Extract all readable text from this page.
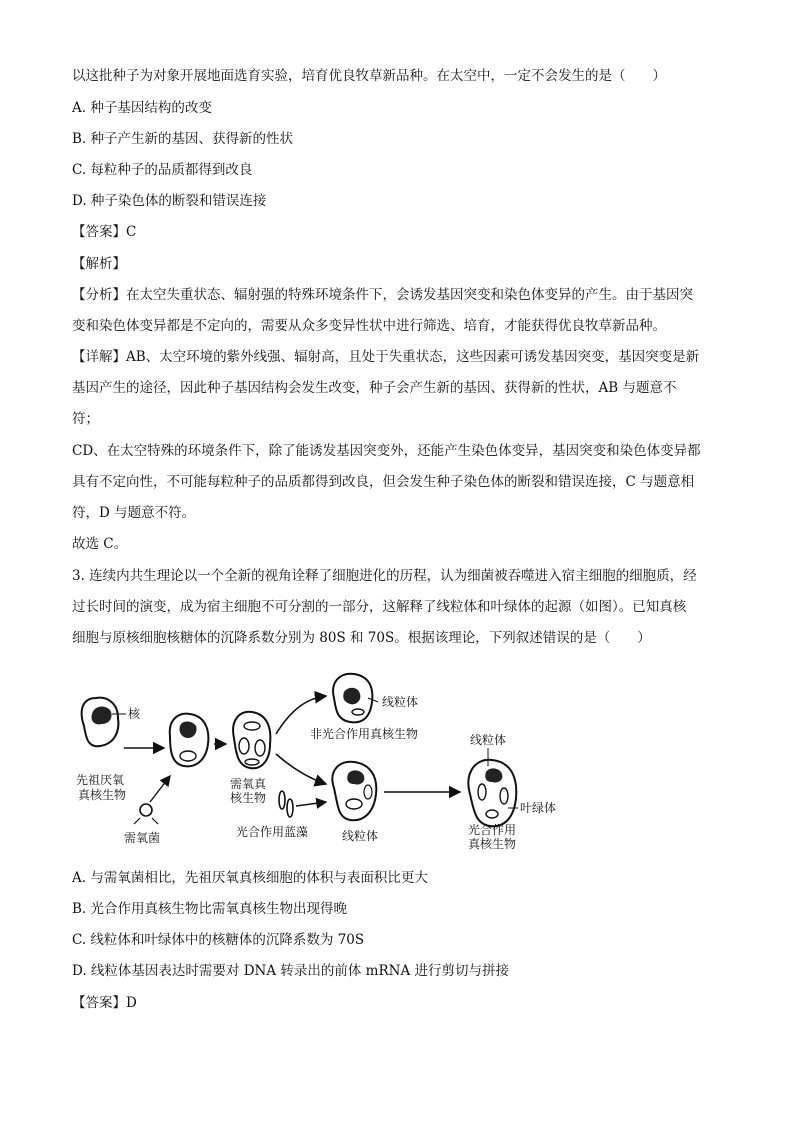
以这批种子为对象开展地面选育实验，培育优良牧草新品种。在太空中，一定不会发生的是（　　）
A. 种子基因结构的改变
B. 种子产生新的基因、获得新的性状
C. 每粒种子的品质都得到改良
D. 种子染色体的断裂和错误连接
【答案】C
【解析】
【分析】在太空失重状态、辐射强的特殊环境条件下，会诱发基因突变和染色体变异的产生。由于基因突
变和染色体变异都是不定向的，需要从众多变异性状中进行筛选、培育，才能获得优良牧草新品种。
【详解】AB、太空环境的紫外线强、辐射高，且处于失重状态，这些因素可诱发基因突变，基因突变是新
基因产生的途径，因此种子基因结构会发生改变，种子会产生新的基因、获得新的性状，AB 与题意不
符；
CD、在太空特殊的环境条件下，除了能诱发基因突变外，还能产生染色体变异，基因突变和染色体变异都
具有不定向性，不可能每粒种子的品质都得到改良，但会发生种子染色体的断裂和错误连接，C 与题意相
符，D 与题意不符。
故选 C。
3. 连续内共生理论以一个全新的视角诠释了细胞进化的历程，认为细菌被吞噬进入宿主细胞的细胞质，经
过长时间的演变，成为宿主细胞不可分割的一部分，这解释了线粒体和叶绿体的起源（如图）。已知真核
细胞与原核细胞核糖体的沉降系数分别为 80S 和 70S。根据该理论，下列叙述错误的是（　　）
核
先祖厌氧
真核生物
需氧菌
需氧真
核生物
线粒体
非光合作用真核生物
光合作用蓝藻	线粒体
线粒体
叶绿体
光合作用
真核生物
A. 与需氧菌相比，先祖厌氧真核细胞的体积与表面积比更大
B. 光合作用真核生物比需氧真核生物出现得晚
C. 线粒体和叶绿体中的核糖体的沉降系数为 70S
D. 线粒体基因表达时需要对 DNA 转录出的前体 mRNA 进行剪切与拼接
【答案】D
